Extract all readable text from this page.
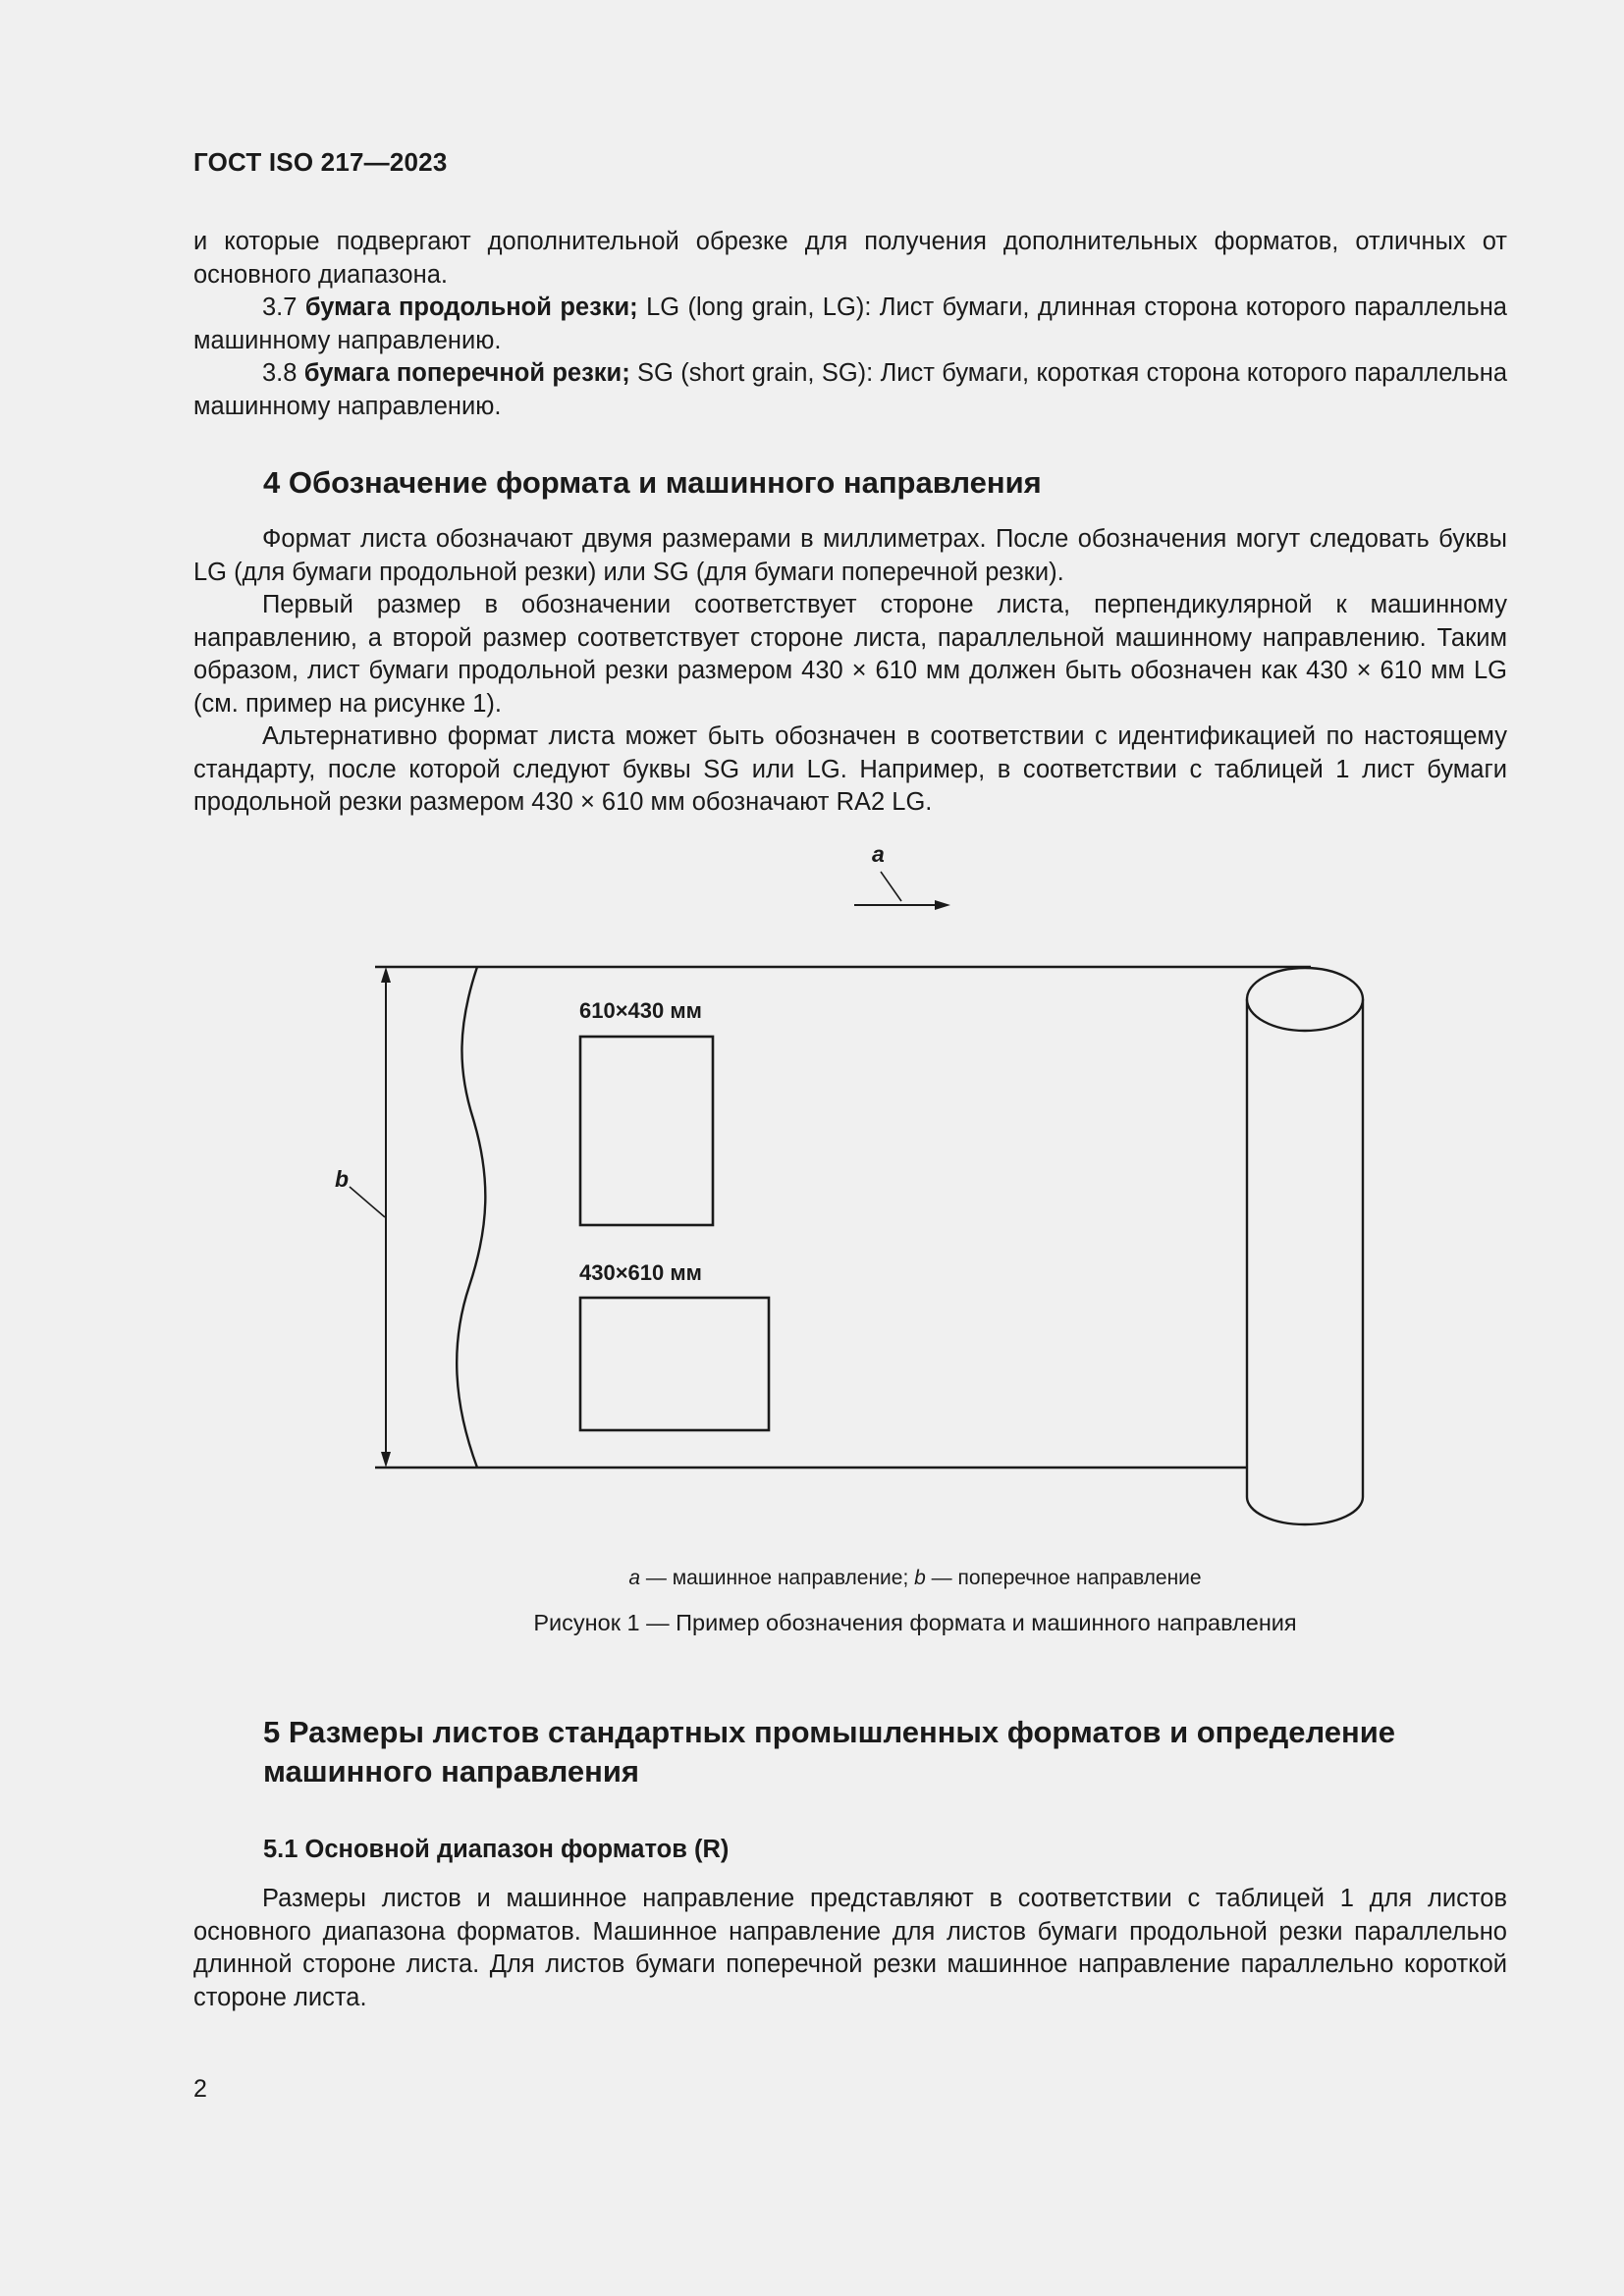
ГОСТ ISO 217—2023

и которые подвергают дополнительной обрезке для получения дополнительных форматов, отличных от основного диапазона.

3.7 бумага продольной резки; LG (long grain, LG): Лист бумаги, длинная сторона которого параллельна машинному направлению.

3.8 бумага поперечной резки; SG (short grain, SG): Лист бумаги, короткая сторона которого параллельна машинному направлению.

4 Обозначение формата и машинного направления

Формат листа обозначают двумя размерами в миллиметрах. После обозначения могут следовать буквы LG (для бумаги продольной резки) или SG (для бумаги поперечной резки).

Первый размер в обозначении соответствует стороне листа, перпендикулярной к машинному направлению, а второй размер соответствует стороне листа, параллельной машинному направлению. Таким образом, лист бумаги продольной резки размером 430 × 610 мм должен быть обозначен как 430 × 610 мм LG (см. пример на рисунке 1).

Альтернативно формат листа может быть обозначен в соответствии с идентификацией по настоящему стандарту, после которой следуют буквы SG или LG. Например, в соответствии с таблицей 1 лист бумаги продольной резки размером 430 × 610 мм обозначают RA2 LG.

a
b
610×430 мм
430×610 мм
a — машинное направление; b — поперечное направление
Рисунок 1 — Пример обозначения формата и машинного направления
5 Размеры листов стандартных промышленных форматов и определение машинного направления
5.1 Основной диапазон форматов (R)

Размеры листов и машинное направление представляют в соответствии с таблицей 1 для листов основного диапазона форматов. Машинное направление для листов бумаги продольной резки параллельно длинной стороне листа. Для листов бумаги поперечной резки машинное направление параллельно короткой стороне листа.

2
